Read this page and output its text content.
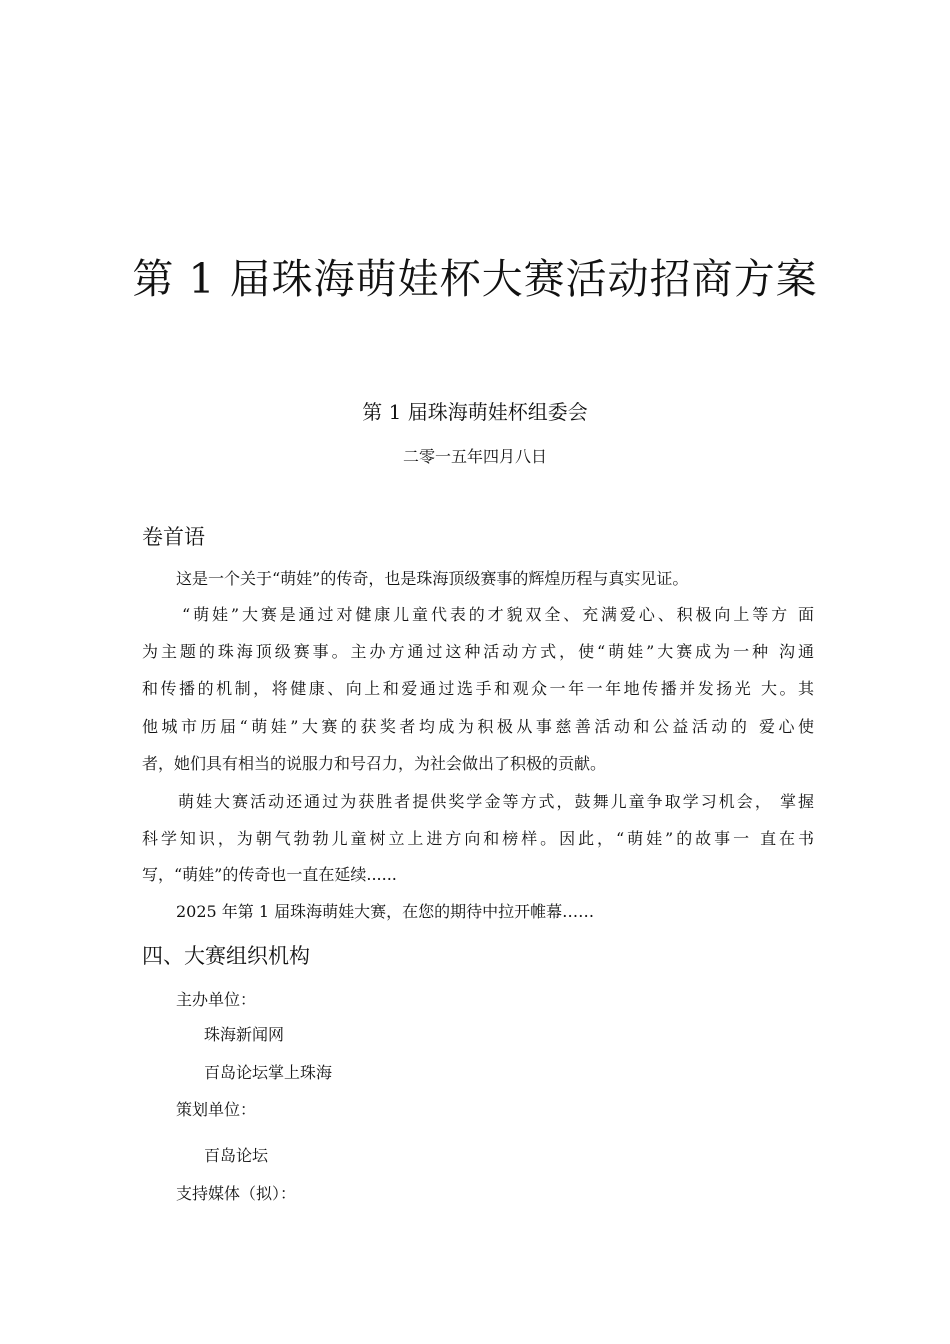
第 1 届珠海萌娃杯大赛活动招商方案
第 1 届珠海萌娃杯组委会
二零一五年四月八日
卷首语
这是一个关于“萌娃”的传奇，也是珠海顶级赛事的辉煌历程与真实见证。
“萌娃”大赛是通过对健康儿童代表的才貌双全、充满爱心、积极向上等方 面
为主题的珠海顶级赛事。主办方通过这种活动方式，使“萌娃”大赛成为一种 沟通
和传播的机制，将健康、向上和爱通过选手和观众一年一年地传播并发扬光 大。其
他城市历届“萌娃”大赛的获奖者均成为积极从事慈善活动和公益活动的 爱心使
者，她们具有相当的说服力和号召力，为社会做出了积极的贡献。
萌娃大赛活动还通过为获胜者提供奖学金等方式，鼓舞儿童争取学习机会， 掌握
科学知识，为朝气勃勃儿童树立上进方向和榜样。因此，“萌娃”的故事一 直在书
写，“萌娃”的传奇也一直在延续......
2025 年第 1 届珠海萌娃大赛，在您的期待中拉开帷幕……
四、大赛组织机构
主办单位：
珠海新闻网
百岛论坛掌上珠海
策划单位：
百岛论坛
支持媒体（拟）：
